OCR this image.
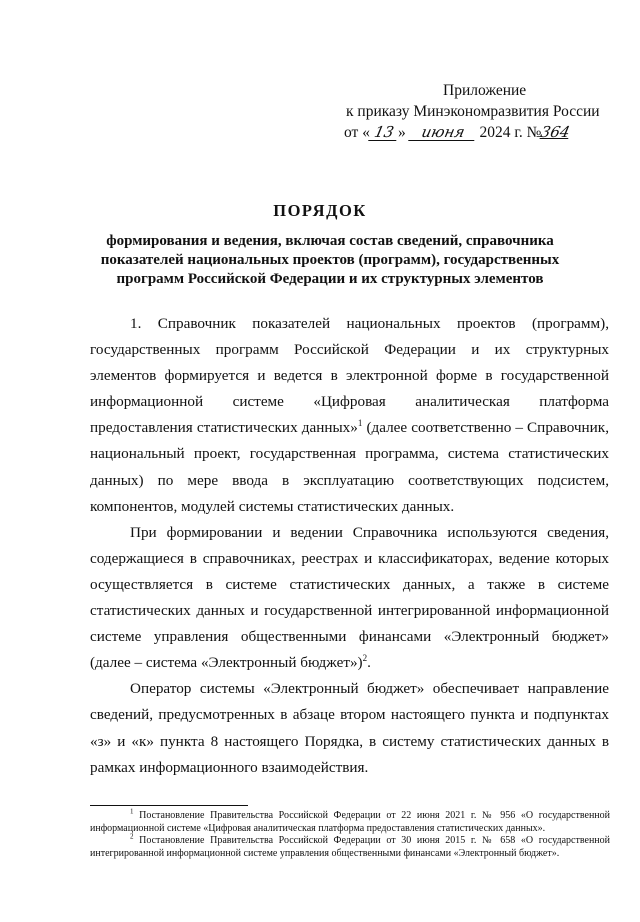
Приложение
к приказу Минэкономразвития России
от « 13 » июня 2024 г. №364
ПОРЯДОК
формирования и ведения, включая состав сведений, справочника показателей национальных проектов (программ), государственных программ Российской Федерации и их структурных элементов

1. Справочник показателей национальных проектов (программ), государственных программ Российской Федерации и их структурных элементов формируется и ведется в электронной форме в государственной информационной системе «Цифровая аналитическая платформа предоставления статистических данных»$^1$ (далее соответственно – Справочник, национальный проект, государственная программа, система статистических данных) по мере ввода в эксплуатацию соответствующих подсистем, компонентов, модулей системы статистических данных.

При формировании и ведении Справочника используются сведения, содержащиеся в справочниках, реестрах и классификаторах, ведение которых осуществляется в системе статистических данных, а также в системе статистических данных и государственной интегрированной информационной системе управления общественными финансами «Электронный бюджет» (далее – система «Электронный бюджет»)$^2$.

Оператор системы «Электронный бюджет» обеспечивает направление сведений, предусмотренных в абзаце втором настоящего пункта и подпунктах «з» и «к» пункта 8 настоящего Порядка, в систему статистических данных в рамках информационного взаимодействия.

$^1$ Постановление Правительства Российской Федерации от 22 июня 2021 г. № 956 «О государственной информационной системе «Цифровая аналитическая платформа предоставления статистических данных».

$^2$ Постановление Правительства Российской Федерации от 30 июня 2015 г. № 658 «О государственной интегрированной информационной системе управления общественными финансами «Электронный бюджет».
